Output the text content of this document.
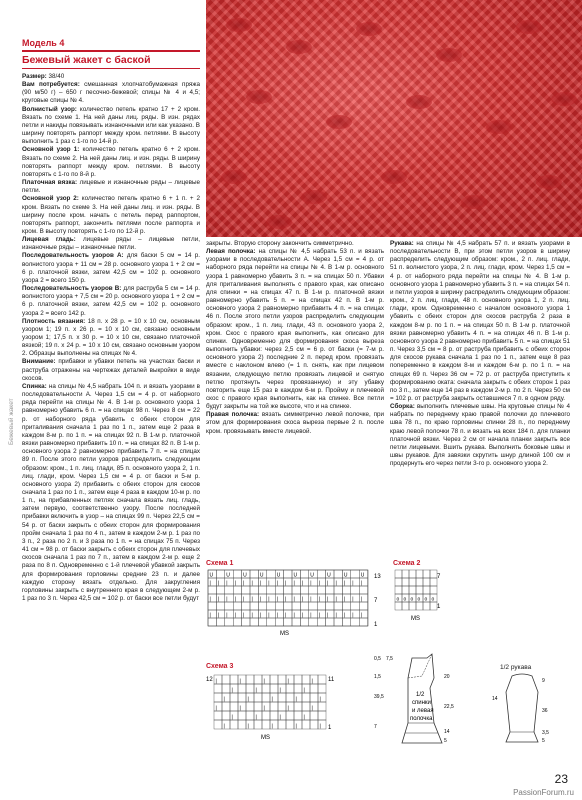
Модель 4
Бежевый жакет с баской

Размер: 38/40

Вам потребуется: смешанная хлопчатобумажная пряжа (90 м/50 г) – 650 г песочно-бежевой; спицы № 4 и 4,5; круговые спицы № 4.

Волнистый узор: количество петель кратно 17 + 2 кром. Вязать по схеме 1. На ней даны лиц. ряды. В изн. рядах петли и накиды повязывать изнаночными или как указано. В ширину повторять раппорт между кром. петлями. В высоту выполнить 1 раз с 1-го по 14-й р.

Основной узор 1: количество петель кратно 6 + 2 кром. Вязать по схеме 2. На ней даны лиц. и изн. ряды. В ширину повторять раппорт между кром. петлями. В высоту повторять с 1-го по 8-й р.

Платочная вязка: лицевые и изнаночные ряды – лицевые петли.

Основной узор 2: количество петель кратно 6 + 1 п. + 2 кром. Вязать по схеме 3. На ней даны лиц. и изн. ряды. В ширину после кром. начать с петель перед раппортом, повторять раппорт, закончить петлями после раппорта и кром. В высоту повторять с 1-го по 12-й р.

Лицевая гладь: лицевые ряды – лицевые петли, изнаночные ряды – изнаночные петли.

Последовательность узоров А: для баски 5 см = 14 р. волнистого узора + 11 см = 28 р. основного узора 1 + 2 см = 6 р. платочной вязки, затем 42,5 см = 102 р. основного узора 2 = всего 150 р.

Последовательность узоров В: для раструба 5 см = 14 р. волнистого узора + 7,5 см = 20 р. основного узора 1 + 2 см = 6 р. платочной вязки, затем 42,5 см = 102 р. основного узора 2 = всего 142 р.

Плотность вязания: 18 п. х 28 р. = 10 х 10 см, основным узором 1; 19 п. х 26 р. = 10 х 10 см, связано основным узором 1; 17,5 п. х 30 р. = 10 х 10 см, связано платочной вязкой; 19 п. х 24 р. = 10 х 10 см, связано основным узором 2. Образцы выполнены на спицах № 4.

Внимание: прибавки и убавки петель на участках баски и раструба отражены на чертежах деталей выкройки в виде скосов.

Спинка: на спицы № 4,5 набрать 104 п. и вязать узорами в последовательности А. Через 1,5 см = 4 р. от наборного ряда перейти на спицы № 4. В 1-м р. основного узора 1 равномерно убавить 6 п. = на спицах 98 п. Через 8 см = 22 р. от наборного ряда убавить с обеих сторон для приталивания сначала 1 раз по 1 п., затем еще 2 раза в каждом 8-м р. по 1 п. = на спицах 92 п. В 1-м р. платочной вязки равномерно прибавить 10 п. = на спицах 82 п. В 1-м р. основного узора 2 равномерно прибавить 7 п. = на спицах 89 п. После этого петли узоров распределить следующим образом: кром., 1 п. лиц. глади, 85 п. основного узора 2, 1 п. лиц. глади, кром. Через 1,5 см = 4 р. от баски и 5-м р. основного узора 2) прибавить с обеих сторон для скосов сначала 1 раз по 1 п., затем еще 4 раза в каждом 10-м р. по 1 п., на прибавленных петлях сначала вязать лиц. гладь, затем первую, соответственно узору. После последней прибавки включить в узор – на спицах 99 п. Через 22,5 см = 54 р. от баски закрыть с обеих сторон для формирования пройм сначала 1 раз по 4 п., затем в каждом 2-м р. 1 раз по 3 п., 2 раза по 2 п. и 3 раза по 1 п. = на спицах 75 п. Через 41 см = 98 р. от баски закрыть с обеих сторон для плечевых скосов сначала 1 раз по 7 п., затем в каждом 2-м р. еще 2 раза по 8 п. Одновременно с 1-й плечевой убавкой закрыть для формирования горловины средние 23 п. и далее каждую сторону вязать отдельно. Для закругления горловины закрыть с внутреннего края в следующем 2-м р. 1 раз по 3 п. Через 42,5 см = 102 р. от баски все петли будут

закрыты. Вторую сторону закончить симметрично.

Левая полочка: на спицы № 4,5 набрать 53 п. и вязать узорами в последовательности А. Через 1,5 см = 4 р. от наборного ряда перейти на спицы № 4. В 1-м р. основного узора 1 равномерно убавить 3 п. = на спицах 50 п. Убавки для приталивания выполнять с правого края, как описано для спинки = на спицах 47 п. В 1-м р. платочной вязки равномерно убавить 5 п. = на спицах 42 п. В 1-м р. основного узора 2 равномерно прибавить 4 п. = на спицах 46 п. После этого петли узоров распределить следующим образом: кром., 1 п. лиц. глади, 43 п. основного узора 2, кром. Скос с правого края выполнить, как описано для спинки. Одновременно для формирования скоса выреза выполнить убавки: через 2,5 см = 6 р. от баски (= 7-м р. основного узора 2) последние 2 п. перед кром. провязать вместе с наклоном влево (= 1 п. снять, как при лицевом вязании, следующую петлю провязать лицевой и снятую петлю протянуть через провязанную) и эту убавку повторить еще 15 раз в каждом 6-м р. Пройму и плечевой скос с правого края выполнить, как на спинке. Все петли будут закрыты на той же высоте, что и на спинке.

Правая полочка: вязать симметрично левой полочке, при этом для формирования скоса выреза первые 2 п. после кром. провязывать вместе лицевой.

Рукава: на спицы № 4,5 набрать 57 п. и вязать узорами в последовательности В, при этом петли узоров в ширину распределить следующим образом: кром., 2 п. лиц. глади, 51 п. волнистого узора, 2 п. лиц. глади, кром. Через 1,5 см = 4 р. от наборного ряда перейти на спицы № 4. В 1-м р. основного узора 1 равномерно убавить 3 п. = на спицах 54 п. и петли узоров в ширину распределить следующим образом: кром., 2 п. лиц. глади, 48 п. основного узора 1, 2 п. лиц. глади, кром. Одновременно с началом основного узора 1 убавить с обеих сторон для скосов раструба 2 раза в каждом 8-м р. по 1 п. = на спицах 50 п. В 1-м р. платочной вязки равномерно убавить 4 п. = на спицах 46 п. В 1-м р. основного узора 2 равномерно прибавить 5 п. = на спицах 51 п. Через 3,5 см = 8 р. от раструба прибавить с обеих сторон для скосов рукава сначала 1 раз по 1 п., затем еще 8 раз попеременно в каждом 8-м и каждом 6-м р. по 1 п. = на спицах 69 п. Через 36 см = 72 р. от раструба приступить к формированию оката: сначала закрыть с обеих сторон 1 раз по 3 п., затем еще 14 раз в каждом 2-м р. по 2 п. Через 50 см = 102 р. от раструба закрыть оставшиеся 7 п. в одном ряду.

Сборка: выполнить плечевые швы. На круговые спицы № 4 набрать по переднему краю правой полочки до плечевого шва 78 п., по краю горловины спинки 28 п., по переднему краю левой полочки 78 п. и вязать на всех 184 п. для планки платочной вязки. Через 2 см от начала планки закрыть все петли лицевыми. Вшить рукава. Выполнить боковые швы и швы рукавов. Для завязки скрутить шнур длиной 100 см и продернуть его через петли 3-го р. основного узора 2.

Схема 1
U	U	U	U	U	U	U	U	U	U
| | | | | | | | | | | | | | | | | | |
| | | | | | | | | | | | | | | | | | |
| | | | | | | | | | | | | | | | | | |
13
7
1
MS
Схема 2
o o o o o o
7
1
MS
Схема 3
|	|	|	|	|
|	|	|	|
|	|	|	|	|
|	|	|	|	|
|	|	|	|
|	|	|	|	|
12	11
1
MS
1/2
спинки
и левая
полочка
0,5 7,5
1,5
39,5
7
20
22,5
14
5
1/2 рукава
9
36
3,5
5
14
Бежевый жакет
23
PassionForum.ru
